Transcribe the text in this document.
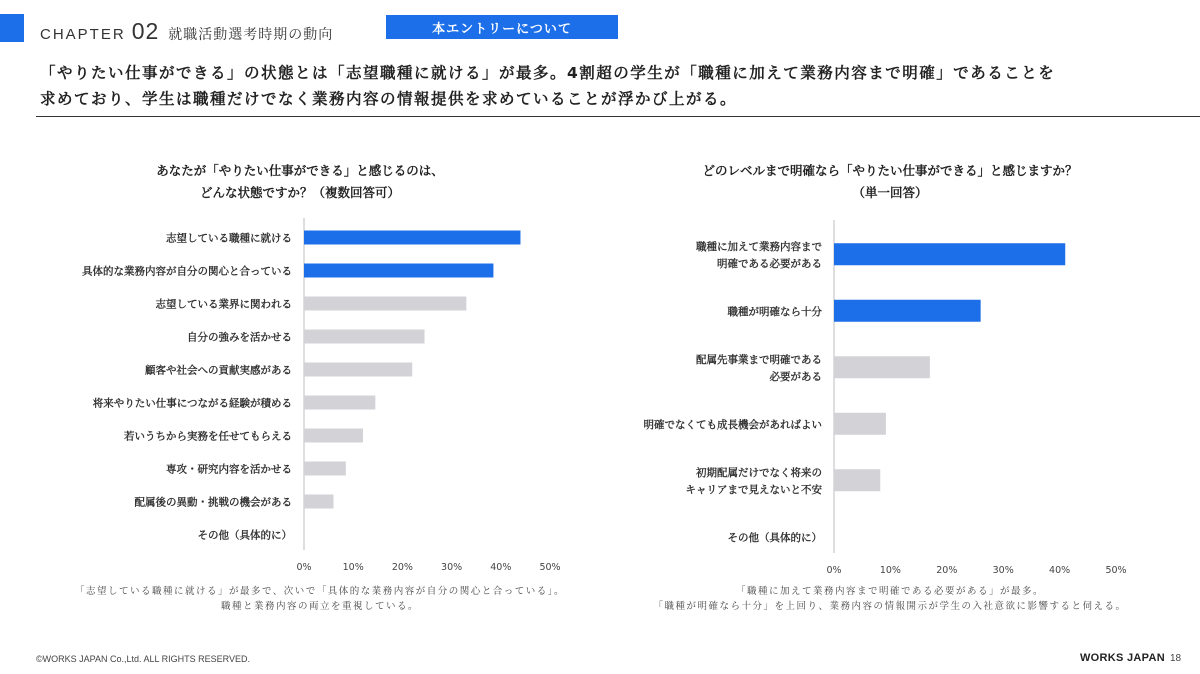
CHAPTER 02 就職活動選考時期の動向	本エントリーについて
「やりたい仕事ができる」の状態とは「志望職種に就ける」が最多。4割超の学生が「職種に加えて業務内容まで明確」であることを
求めており、学生は職種だけでなく業務内容の情報提供を求めていることが浮かび上がる。
あなたが「やりたい仕事ができる」と感じるのは、
どんな状態ですか？（複数回答可）
志望している職種に就ける
具体的な業務内容が自分の関心と合っている
志望している業界に関われる
自分の強みを活かせる
顧客や社会への貢献実感がある
将来やりたい仕事につながる経験が積める
若いうちから実務を任せてもらえる
専攻・研究内容を活かせる
配属後の異動・挑戦の機会がある
その他（具体的に）
0%	10%	20%	30%	40%	50%
「志望している職種に就ける」が最多で、次いで「具体的な業務内容が自分の関心と合っている」。
職種と業務内容の両立を重視している。
どのレベルまで明確なら「やりたい仕事ができる」と感じますか？
（単一回答）
職種に加えて業務内容まで
明確である必要がある
職種が明確なら十分
配属先事業まで明確である
必要がある
明確でなくても成長機会があればよい
初期配属だけでなく将来の
キャリアまで見えないと不安
その他（具体的に）
0%	10%	20%	30%	40%	50%
「職種に加えて業務内容まで明確である必要がある」が最多。
「職種が明確なら十分」を上回り、業務内容の情報開示が学生の入社意欲に影響すると伺える。
©WORKS JAPAN Co.,Ltd. ALL RIGHTS RESERVED.	WORKS JAPAN 18
